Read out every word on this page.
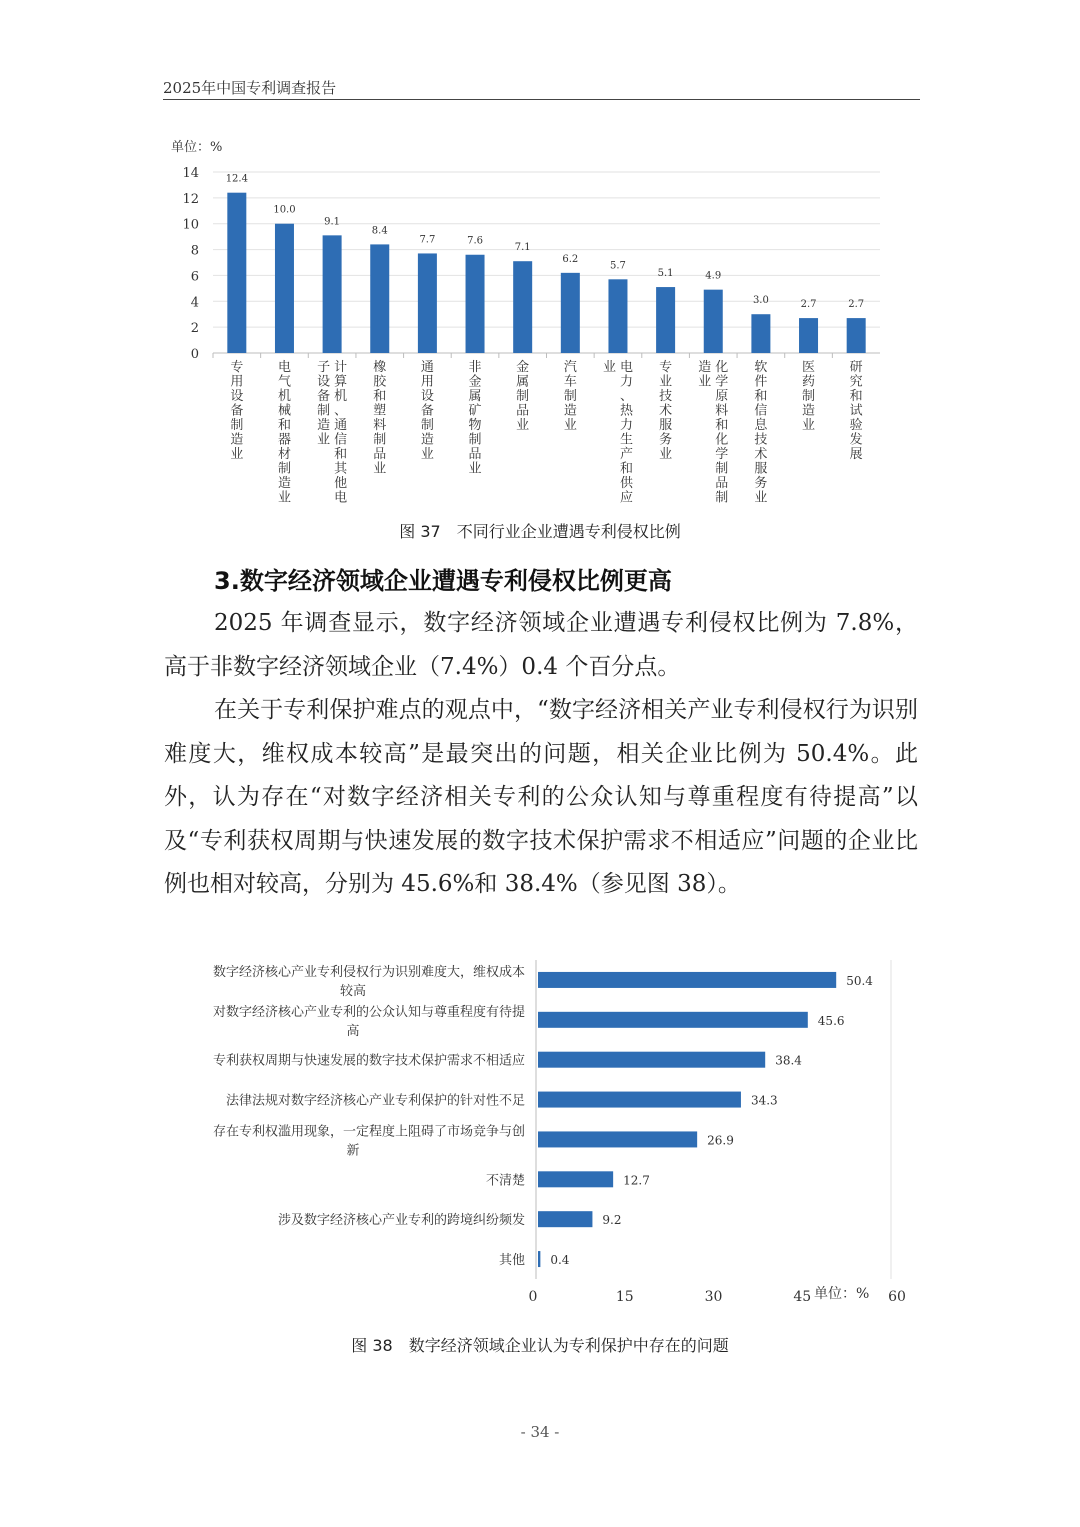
2025年中国专利调查报告
单位：%
0
2
4
6
8
10
12
14	12.4
专用设备制造业
10.0
电气机械和器材制造业
9.1
计算机、通信和其他电
子设备制造业
8.4
橡胶和塑料制品业
7.7
通用设备制造业
7.6
非金属矿物制品业
7.1
金属制品业
6.2
汽车制造业
5.7
电力、热力生产和供应
业
5.1
专业技术服务业
4.9
化学原料和化学制品制
造业
3.0
软件和信息技术服务业
2.7
医药制造业
2.7
研究和试验发展
图 37　不同行业企业遭遇专利侵权比例
3.数字经济领域企业遭遇专利侵权比例更高
2025 年调查显示，数字经济领域企业遭遇专利侵权比例为 7.8%，高于非数字经济领域企业（7.4%）0.4 个百分点。
在关于专利保护难点的观点中，“数字经济相关产业专利侵权行为识别难度大，维权成本较高”是最突出的问题，相关企业比例为 50.4%。此外，认为存在“对数字经济相关专利的公众认知与尊重程度有待提高”以及“专利获权周期与快速发展的数字技术保护需求不相适应”问题的企业比例也相对较高，分别为 45.6%和 38.4%（参见图 38）。
50.4
数字经济核心产业专利侵权行为识别难度大，维权成本
较高
45.6
对数字经济核心产业专利的公众认知与尊重程度有待提
高
38.4
专利获权周期与快速发展的数字技术保护需求不相适应
34.3
法律法规对数字经济核心产业专利保护的针对性不足
26.9
存在专利权滥用现象，一定程度上阻碍了市场竞争与创
新
12.7
不清楚
9.2
涉及数字经济核心产业专利的跨境纠纷频发
0.4
其他
0	15	30	45 单位：% 60
图 38　数字经济领域企业认为专利保护中存在的问题
- 34 -
